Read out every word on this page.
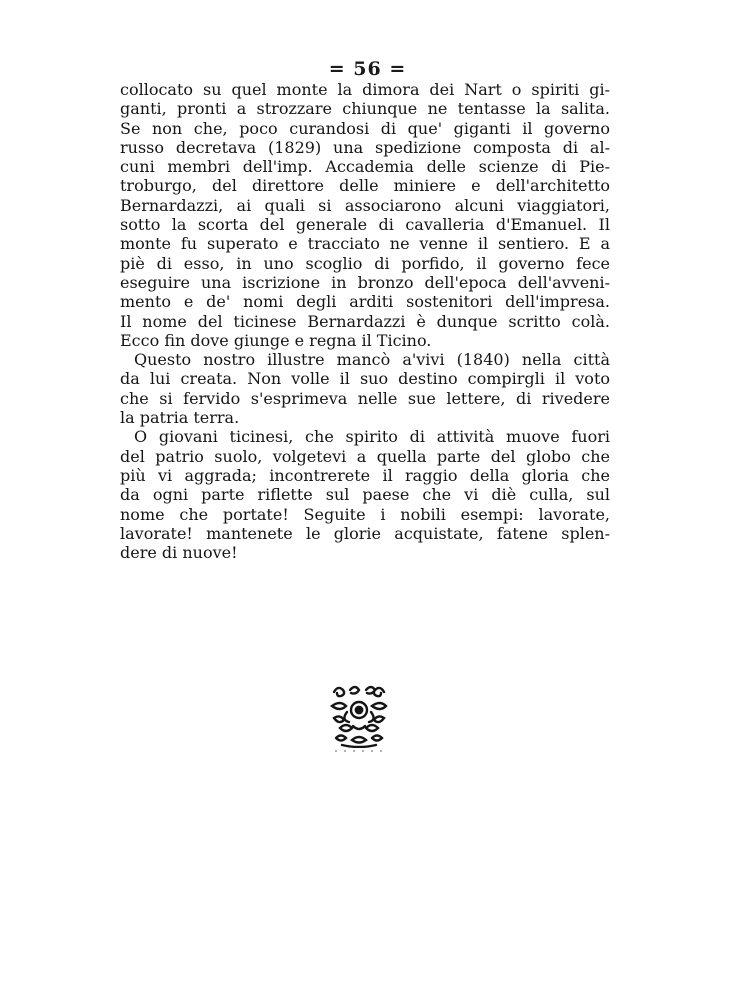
= 56 =
collocato su quel monte la dimora dei Nart o spiriti gi-
ganti, pronti a strozzare chiunque ne tentasse la salita.
Se non che, poco curandosi di que' giganti il governo
russo decretava (1829) una spedizione composta di al-
cuni membri dell'imp. Accademia delle scienze di Pie-
troburgo, del direttore delle miniere e dell'architetto
Bernardazzi, ai quali si associarono alcuni viaggiatori,
sotto la scorta del generale di cavalleria d'Emanuel. Il
monte fu superato e tracciato ne venne il sentiero. E a
piè di esso, in uno scoglio di porfido, il governo fece
eseguire una iscrizione in bronzo dell'epoca dell'avveni-
mento e de' nomi degli arditi sostenitori dell'impresa.
Il nome del ticinese Bernardazzi è dunque scritto colà.
Ecco fin dove giunge e regna il Ticino.
Questo nostro illustre mancò a'vivi (1840) nella città
da lui creata. Non volle il suo destino compirgli il voto
che si fervido s'esprimeva nelle sue lettere, di rivedere
la patria terra.
O giovani ticinesi, che spirito di attività muove fuori
del patrio suolo, volgetevi a quella parte del globo che
più vi aggrada; incontrerete il raggio della gloria che
da ogni parte riflette sul paese che vi diè culla, sul
nome che portate! Seguite i nobili esempi: lavorate,
lavorate! mantenete le glorie acquistate, fatene splen-
dere di nuove!
